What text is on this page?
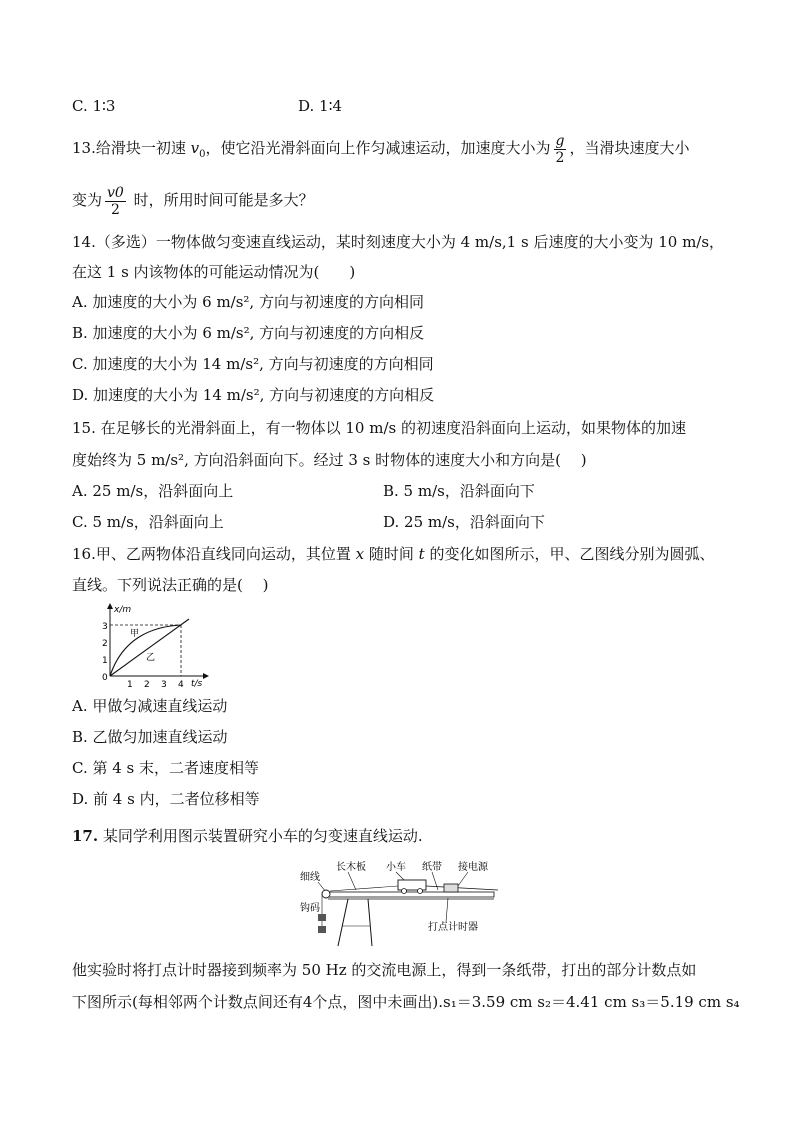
C. 1∶3	D. 1∶4
13.给滑块一初速 $v_0$，使它沿光滑斜面向上作匀减速运动，加速度大小为 $\frac{g}{2}$ ，当滑块速度大小
变为 $\frac{v0}{2}$ 时，所用时间可能是多大？
14.（多选）一物体做匀变速直线运动，某时刻速度大小为 4 m/s,1 s 后速度的大小变为 10 m/s，
在这 1 s 内该物体的可能运动情况为(　　)
A. 加速度的大小为 6 m/s², 方向与初速度的方向相同
B. 加速度的大小为 6 m/s², 方向与初速度的方向相反
C. 加速度的大小为 14 m/s², 方向与初速度的方向相同
D. 加速度的大小为 14 m/s², 方向与初速度的方向相反
15. 在足够长的光滑斜面上，有一物体以 10 m/s 的初速度沿斜面向上运动，如果物体的加速
度始终为 5 m/s², 方向沿斜面向下。经过 3 s 时物体的速度大小和方向是(　 )
A. 25 m/s，沿斜面向上	B. 5 m/s，沿斜面向下
C. 5 m/s，沿斜面向上	D. 25 m/s，沿斜面向下
16.甲、乙两物体沿直线同向运动，其位置 x 随时间 t 的变化如图所示，甲、乙图线分别为圆弧、
直线。下列说法正确的是(　 )
x/m
t/s
0
1
2
3
1 2 3 4
甲
乙
A. 甲做匀减速直线运动
B. 乙做匀加速直线运动
C. 第 4 s 末，二者速度相等
D. 前 4 s 内，二者位移相等
17. 某同学利用图示装置研究小车的匀变速直线运动.
长木板 小车 纸带 接电源
细线
钩码
打点计时器
他实验时将打点计时器接到频率为 50 Hz 的交流电源上，得到一条纸带，打出的部分计数点如
下图所示(每相邻两个计数点间还有4个点，图中未画出).s₁＝3.59 cm s₂＝4.41 cm s₃＝5.19 cm s₄
